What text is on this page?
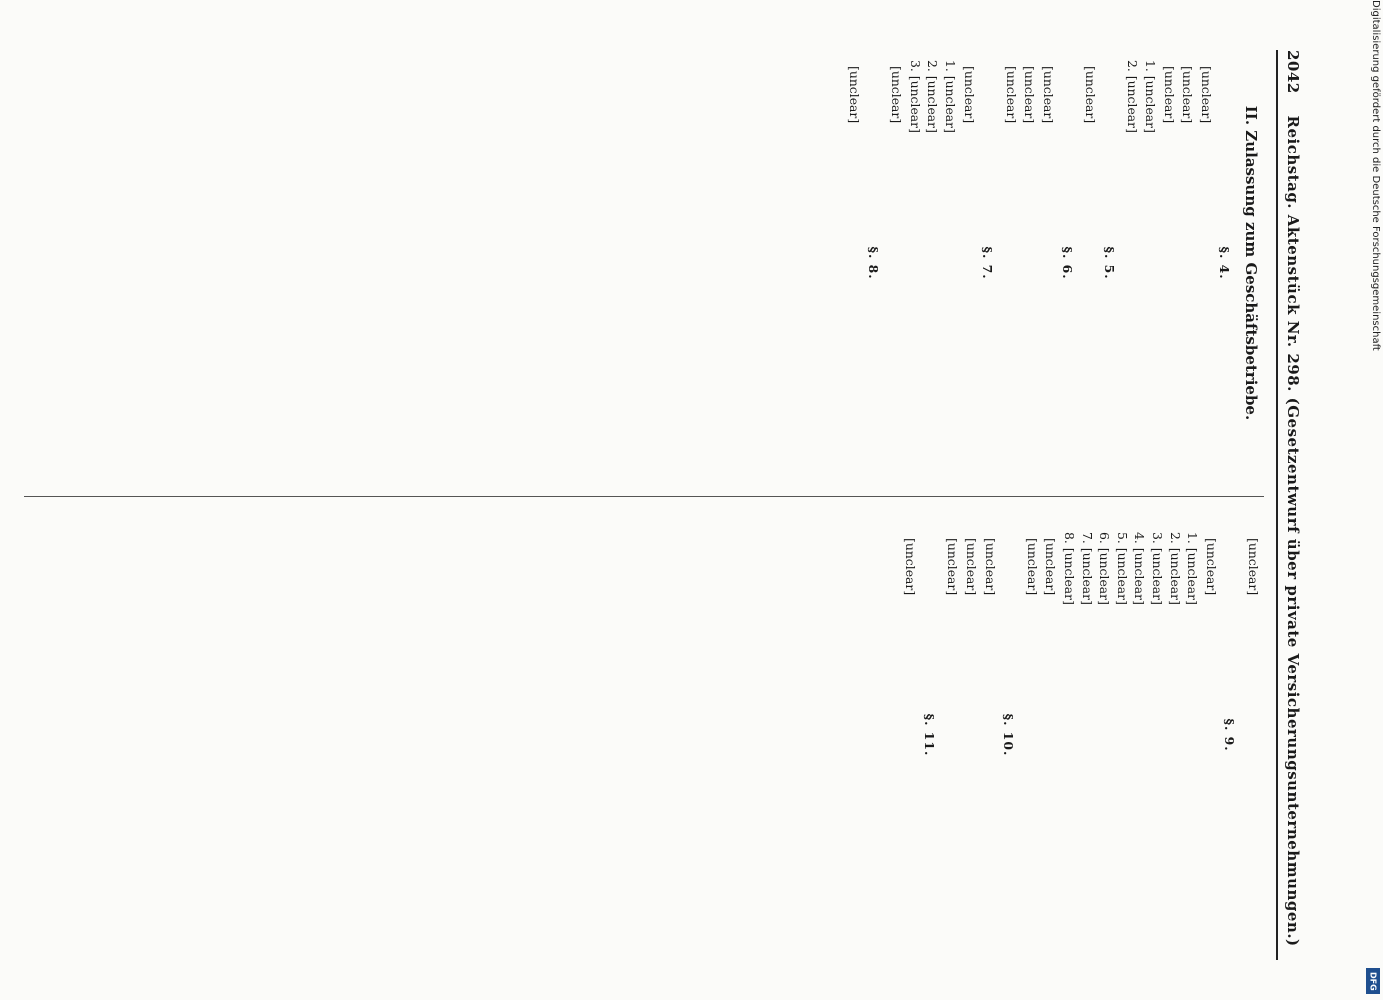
2042 Reichstag. Aktenstück Nr. 298. (Gesetzentwurf über private Versicherungsunternehmungen.)
II. Zulassung zum Geschäftsbetriebe.
§. 4.
[unclear]
[unclear]
[unclear]
1. [unclear]
2. [unclear]
§. 5.
[unclear]
§. 6.
[unclear]
[unclear]
[unclear]
§. 7.
[unclear]
1. [unclear]
2. [unclear]
3. [unclear]
[unclear]
§. 8.
[unclear]
[unclear]
§. 9.
[unclear]
1. [unclear]
2. [unclear]
3. [unclear]
4. [unclear]
5. [unclear]
6. [unclear]
7. [unclear]
8. [unclear]
[unclear]
[unclear]
§. 10.
[unclear]
[unclear]
[unclear]
§. 11.
[unclear]
Digitalisierung gefördert durch die Deutsche Forschungsgemeinschaft
DFG
